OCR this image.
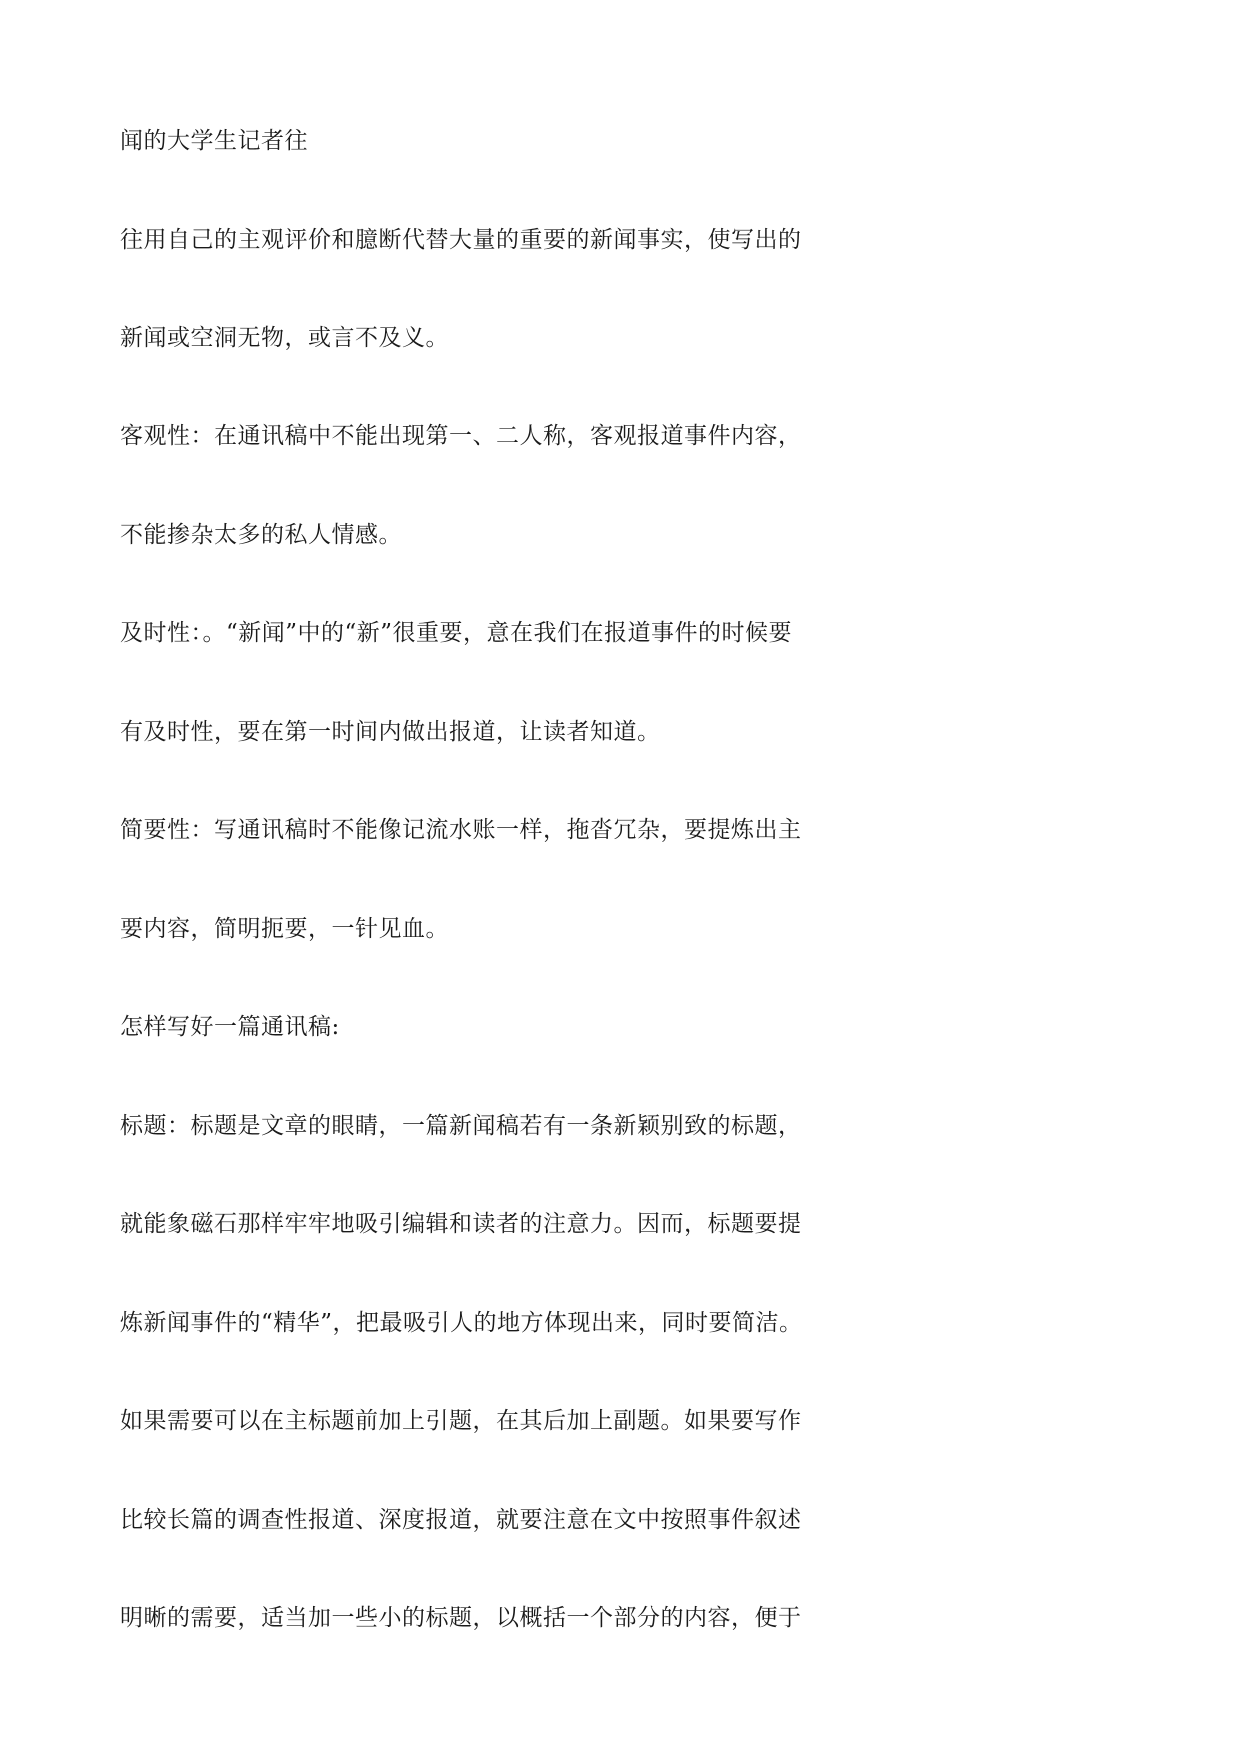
闻的大学生记者往

往用自己的主观评价和臆断代替大量的重要的新闻事实，使写出的

新闻或空洞无物，或言不及义。

客观性：在通讯稿中不能出现第一、二人称，客观报道事件内容，

不能掺杂太多的私人情感。

及时性：。“新闻”中的“新”很重要，意在我们在报道事件的时候要

有及时性，要在第一时间内做出报道，让读者知道。

简要性：写通讯稿时不能像记流水账一样，拖沓冗杂，要提炼出主

要内容，简明扼要，一针见血。

怎样写好一篇通讯稿:

标题：标题是文章的眼睛，一篇新闻稿若有一条新颖别致的标题，

就能象磁石那样牢牢地吸引编辑和读者的注意力。因而，标题要提

炼新闻事件的“精华”，把最吸引人的地方体现出来，同时要简洁。

如果需要可以在主标题前加上引题，在其后加上副题。如果要写作

比较长篇的调查性报道、深度报道，就要注意在文中按照事件叙述

明晰的需要，适当加一些小的标题，以概括一个部分的内容，便于
